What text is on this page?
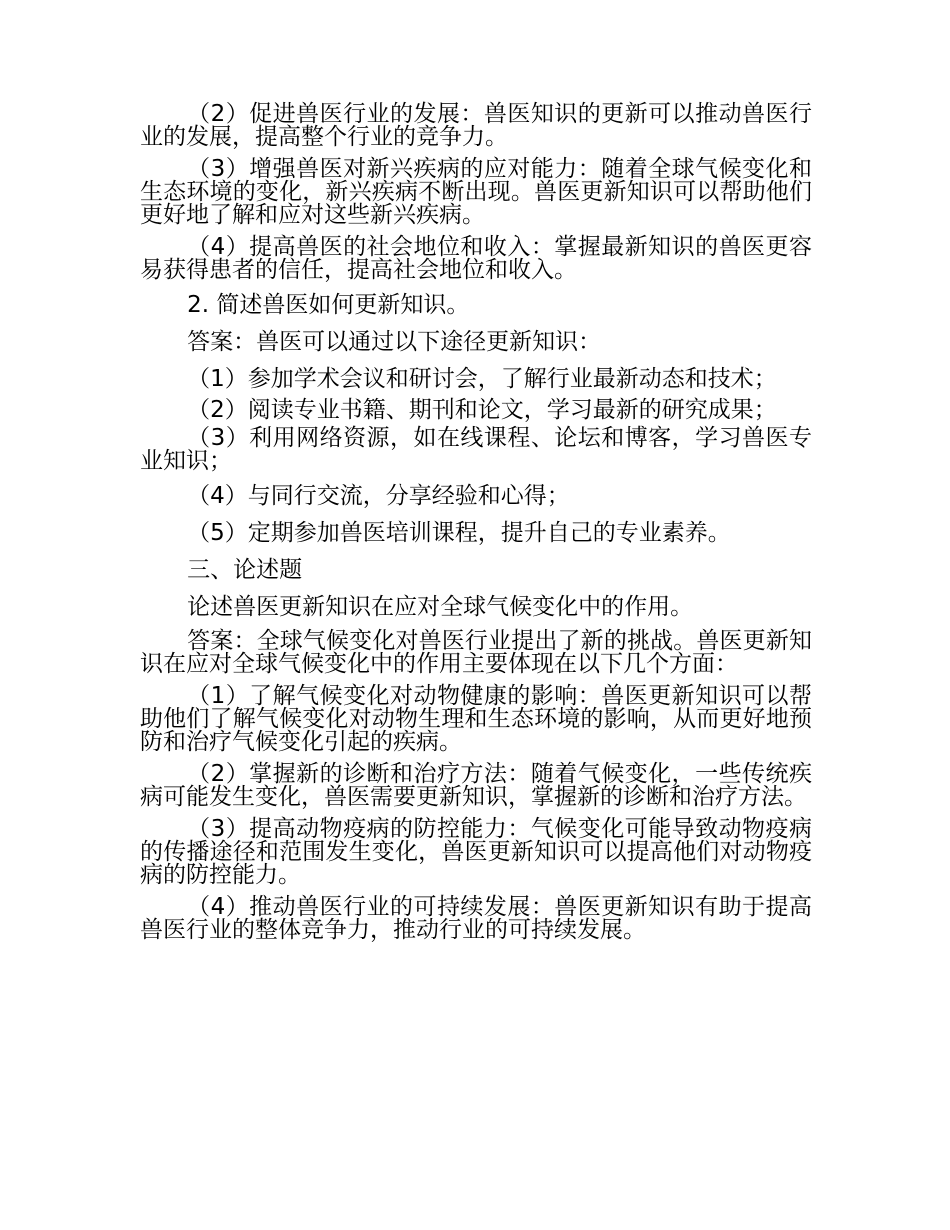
（2）促进兽医行业的发展：兽医知识的更新可以推动兽医行业的发展，提高整个行业的竞争力。

（3）增强兽医对新兴疾病的应对能力：随着全球气候变化和生态环境的变化，新兴疾病不断出现。兽医更新知识可以帮助他们更好地了解和应对这些新兴疾病。

（4）提高兽医的社会地位和收入：掌握最新知识的兽医更容易获得患者的信任，提高社会地位和收入。

2. 简述兽医如何更新知识。

答案：兽医可以通过以下途径更新知识：

（1）参加学术会议和研讨会，了解行业最新动态和技术；

（2）阅读专业书籍、期刊和论文，学习最新的研究成果；

（3）利用网络资源，如在线课程、论坛和博客，学习兽医专业知识；

（4）与同行交流，分享经验和心得；

（5）定期参加兽医培训课程，提升自己的专业素养。

三、论述题

论述兽医更新知识在应对全球气候变化中的作用。

答案：全球气候变化对兽医行业提出了新的挑战。兽医更新知识在应对全球气候变化中的作用主要体现在以下几个方面：

（1）了解气候变化对动物健康的影响：兽医更新知识可以帮助他们了解气候变化对动物生理和生态环境的影响，从而更好地预防和治疗气候变化引起的疾病。

（2）掌握新的诊断和治疗方法：随着气候变化，一些传统疾病可能发生变化，兽医需要更新知识，掌握新的诊断和治疗方法。

（3）提高动物疫病的防控能力：气候变化可能导致动物疫病的传播途径和范围发生变化，兽医更新知识可以提高他们对动物疫病的防控能力。

（4）推动兽医行业的可持续发展：兽医更新知识有助于提高兽医行业的整体竞争力，推动行业的可持续发展。
